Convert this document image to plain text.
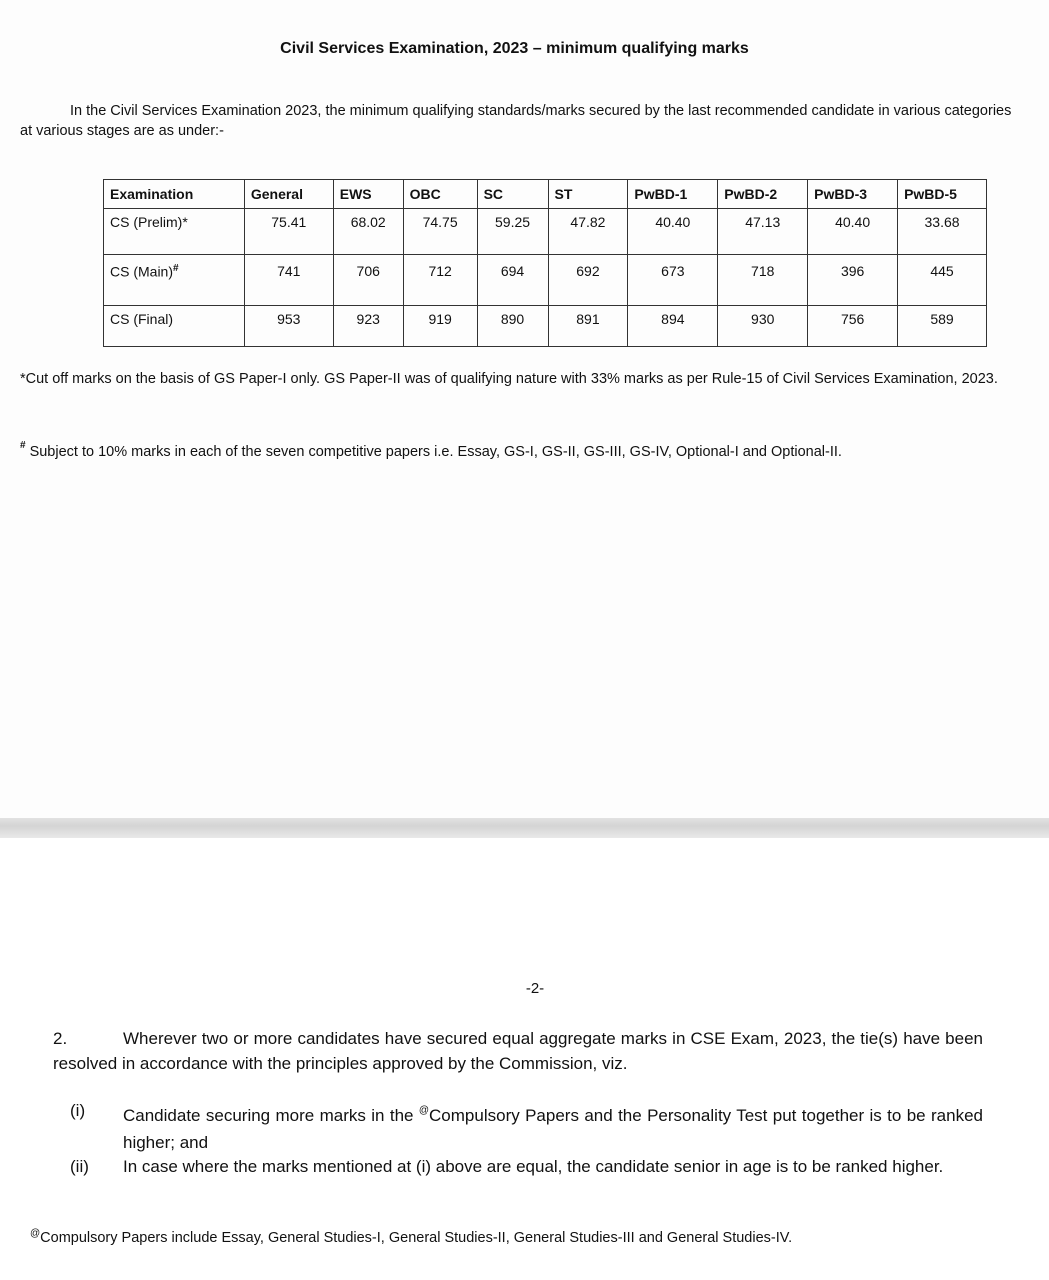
Civil Services Examination, 2023 – minimum qualifying marks
In the Civil Services Examination 2023, the minimum qualifying standards/marks secured by the last recommended candidate in various categories at various stages are as under:-
Examination	General	EWS	OBC	SC	ST	PwBD-1	PwBD-2	PwBD-3	PwBD-5
CS (Prelim)*	75.41	68.02	74.75	59.25	47.82	40.40	47.13	40.40	33.68
CS (Main)#	741	706	712	694	692	673	718	396	445
CS (Final)	953	923	919	890	891	894	930	756	589
*Cut off marks on the basis of GS Paper-I only. GS Paper-II was of qualifying nature with 33% marks as per Rule-15 of Civil Services Examination, 2023.
# Subject to 10% marks in each of the seven competitive papers i.e. Essay, GS-I, GS-II, GS-III, GS-IV, Optional-I and Optional-II.
-2-
2.	Wherever two or more candidates have secured equal aggregate marks in CSE Exam, 2023, the tie(s) have been resolved in accordance with the principles approved by the Commission, viz.
(i) Candidate securing more marks in the @Compulsory Papers and the Personality Test put together is to be ranked higher; and
(ii) In case where the marks mentioned at (i) above are equal, the candidate senior in age is to be ranked higher.
@Compulsory Papers include Essay, General Studies-I, General Studies-II, General Studies-III and General Studies-IV.
